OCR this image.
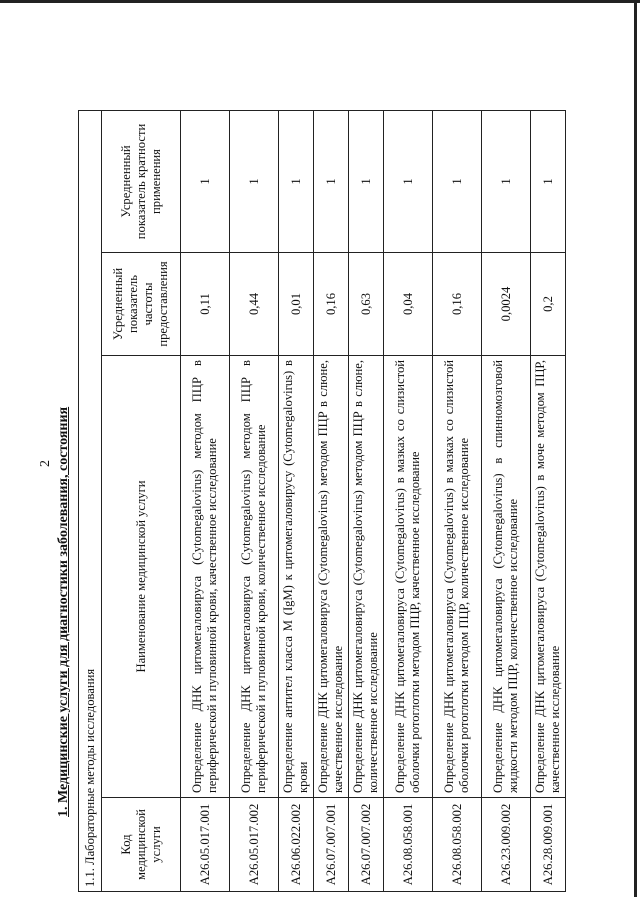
2 1. Медицинские услуги для диагностики заболевания, состояния 1.1. Лабораторные методы исследования			
Код медицинской услуги	Наименование медицинской услуги	Усредненный показатель частоты предоставления	Усредненный показатель кратности применения
A26.05.017.001	Определение ДНК цитомегаловируса (Cytomegalovirus) методом ПЦР в периферической и пуповинной крови, качественное исследование	0,11	1
A26.05.017.002	Определение ДНК цитомегаловируса (Cytomegalovirus) методом ПЦР в периферической и пуповинной крови, количественное исследование	0,44	1
A26.06.022.002	Определение антител класса M (IgM) к цитомегаловирусу (Cytomegalovirus) в крови	0,01	1
A26.07.007.001	Определение ДНК цитомегаловируса (Cytomegalovirus) методом ПЦР в слюне, качественное исследование	0,16	1
A26.07.007.002	Определение ДНК цитомегаловируса (Cytomegalovirus) методом ПЦР в слюне, количественное исследование	0,63	1
A26.08.058.001	Определение ДНК цитомегаловируса (Cytomegalovirus) в мазках со слизистой оболочки ротоглотки методом ПЦР, качественное исследование	0,04	1
A26.08.058.002	Определение ДНК цитомегаловируса (Cytomegalovirus) в мазках со слизистой оболочки ротоглотки методом ПЦР, количественное исследование	0,16	1
A26.23.009.002	Определение ДНК цитомегаловируса (Cytomegalovirus) в спинномозговой жидкости методом ПЦР, количественное исследование	0,0024	1
A26.28.009.001	Определение ДНК цитомегаловируса (Cytomegalovirus) в моче методом ПЦР, качественное исследование	0,2	1
